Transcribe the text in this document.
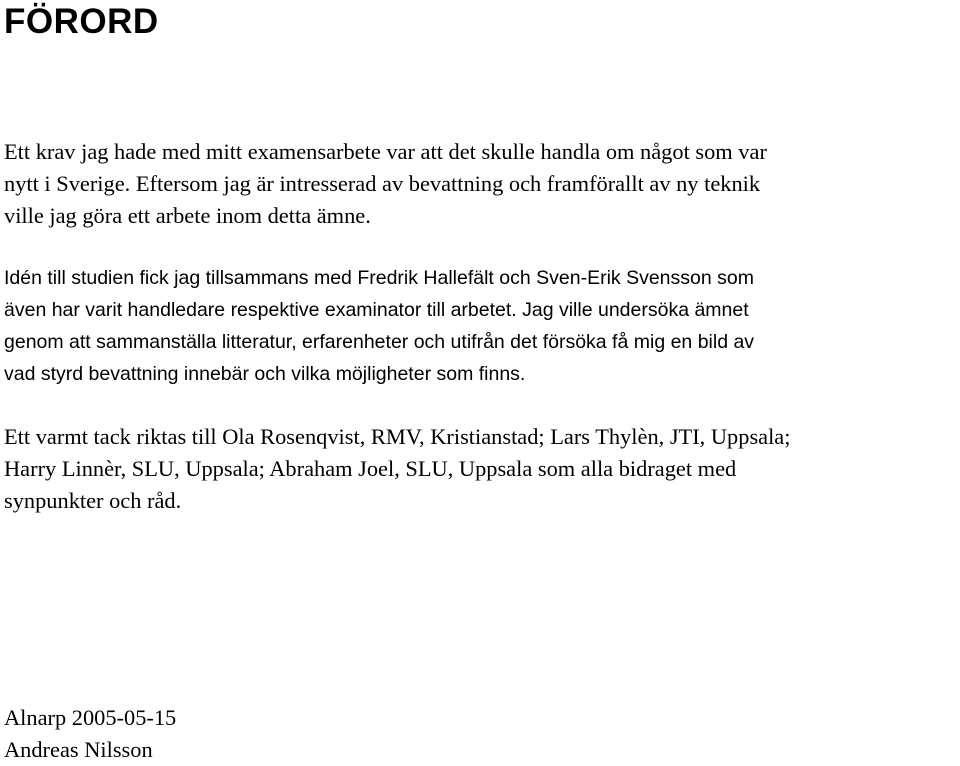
FÖRORD

Ett krav jag hade med mitt examensarbete var att det skulle handla om något som var
nytt i Sverige. Eftersom jag är intresserad av bevattning och framförallt av ny teknik
ville jag göra ett arbete inom detta ämne.

Idén till studien fick jag tillsammans med Fredrik Hallefält och Sven-Erik Svensson som
även har varit handledare respektive examinator till arbetet. Jag ville undersöka ämnet
genom att sammanställa litteratur, erfarenheter och utifrån det försöka få mig en bild av
vad styrd bevattning innebär och vilka möjligheter som finns.

Ett varmt tack riktas till Ola Rosenqvist, RMV, Kristianstad; Lars Thylèn, JTI, Uppsala;
Harry Linnèr, SLU, Uppsala; Abraham Joel, SLU, Uppsala som alla bidraget med
synpunkter och råd.

Alnarp 2005-05-15
Andreas Nilsson
